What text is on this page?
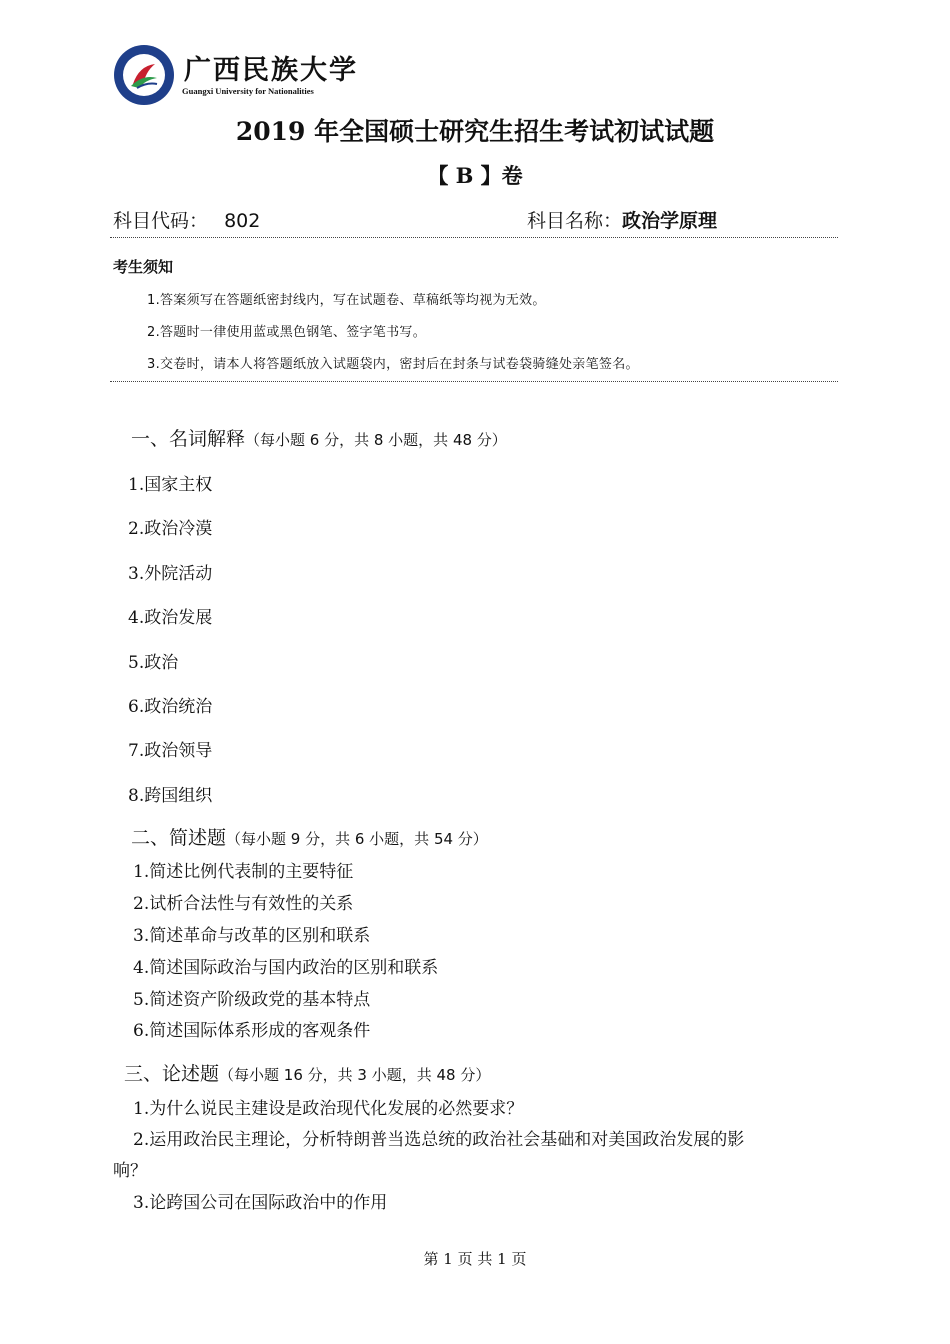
广西民族大学
Guangxi University for Nationalities
2019 年全国硕士研究生招生考试初试试题
【 B 】卷
科目代码： 802	科目名称：政治学原理
考生须知
1.答案须写在答题纸密封线内，写在试题卷、草稿纸等均视为无效。
2.答题时一律使用蓝或黑色钢笔、签字笔书写。
3.交卷时，请本人将答题纸放入试题袋内，密封后在封条与试卷袋骑缝处亲笔签名。
一、名词解释（每小题 6 分，共 8 小题，共 48 分）
1.国家主权
2.政治冷漠
3.外院活动
4.政治发展
5.政治
6.政治统治
7.政治领导
8.跨国组织
二、简述题（每小题 9 分，共 6 小题，共 54 分）
1.简述比例代表制的主要特征
2.试析合法性与有效性的关系
3.简述革命与改革的区别和联系
4.简述国际政治与国内政治的区别和联系
5.简述资产阶级政党的基本特点
6.简述国际体系形成的客观条件
三、论述题（每小题 16 分，共 3 小题，共 48 分）
1.为什么说民主建设是政治现代化发展的必然要求？
2.运用政治民主理论，分析特朗普当选总统的政治社会基础和对美国政治发展的影
响？
3.论跨国公司在国际政治中的作用
第 1 页 共 1 页
